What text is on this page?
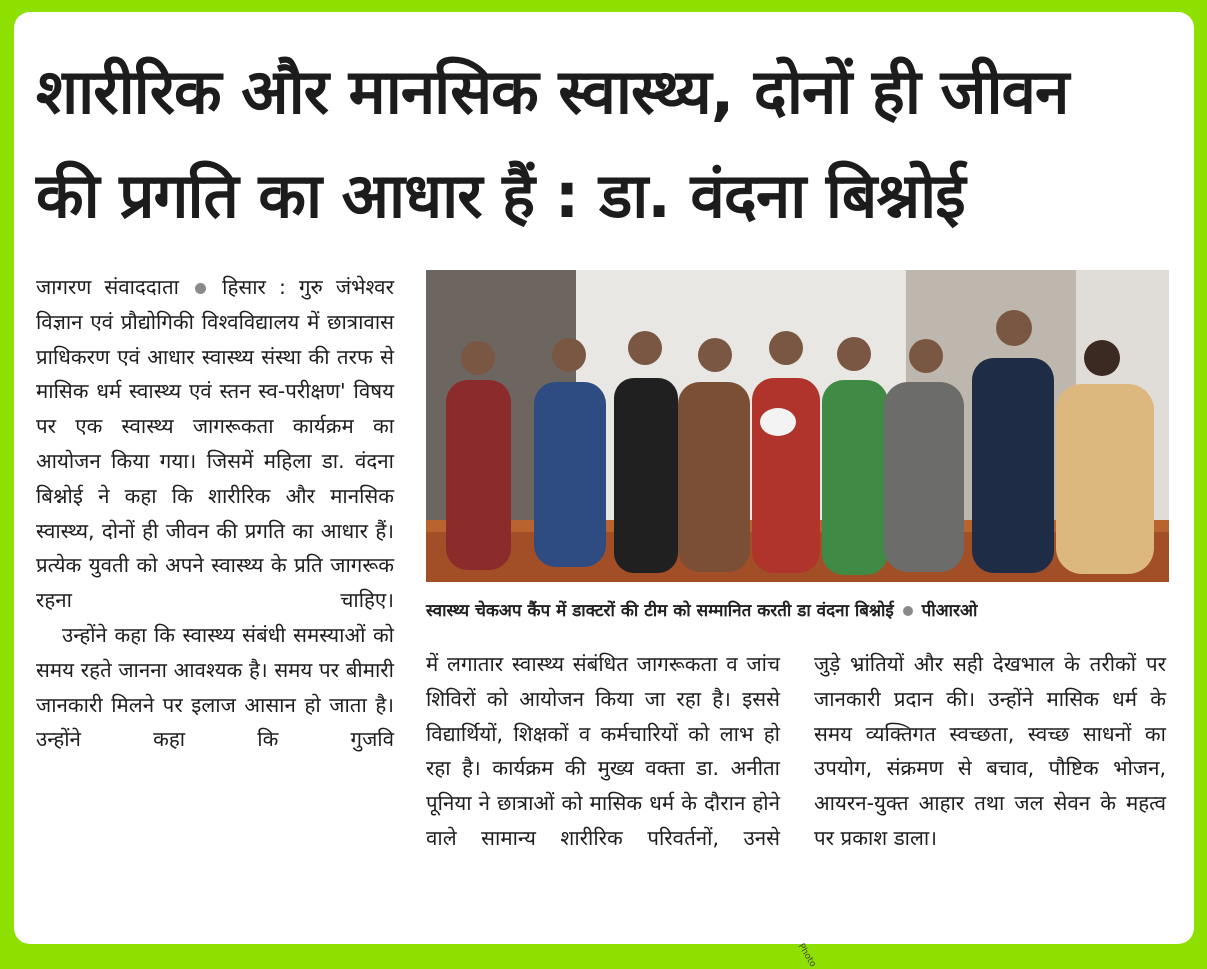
शारीरिक और मानसिक स्वास्थ्य, दोनों ही जीवन
की प्रगति का आधार हैं : डा. वंदना बिश्नोई

जागरण संवाददाता हिसार : गुरु जंभेश्वर विज्ञान एवं प्रौद्योगिकी विश्वविद्यालय में छात्रावास प्राधिकरण एवं आधार स्वास्थ्य संस्था की तरफ से मासिक धर्म स्वास्थ्य एवं स्तन स्व-परीक्षण' विषय पर एक स्वास्थ्य जागरूकता कार्यक्रम का आयोजन किया गया। जिसमें महिला डा. वंदना बिश्नोई ने कहा कि शारीरिक और मानसिक स्वास्थ्य, दोनों ही जीवन की प्रगति का आधार हैं। प्रत्येक युवती को अपने स्वास्थ्य के प्रति जागरूक रहना चाहिए।

उन्होंने कहा कि स्वास्थ्य संबंधी समस्याओं को समय रहते जानना आवश्यक है। समय पर बीमारी जानकारी मिलने पर इलाज आसान हो जाता है। उन्होंने कहा कि गुजवि

स्वास्थ्य चेकअप कैंप में डाक्टरों की टीम को सम्मानित करती डा वंदना बिश्नोई पीआरओ

में लगातार स्वास्थ्य संबंधित जागरूकता व जांच शिविरों को आयोजन किया जा रहा है। इससे विद्यार्थियों, शिक्षकों व कर्मचारियों को लाभ हो रहा है। कार्यक्रम की मुख्य वक्ता डा. अनीता पूनिया ने छात्राओं को मासिक धर्म के दौरान होने वाले सामान्य शारीरिक परिवर्तनों, उनसे

जुड़े भ्रांतियों और सही देखभाल के तरीकों पर जानकारी प्रदान की। उन्होंने मासिक धर्म के समय व्यक्तिगत स्वच्छता, स्वच्छ साधनों का उपयोग, संक्रमण से बचाव, पौष्टिक भोजन, आयरन-युक्त आहार तथा जल सेवन के महत्व पर प्रकाश डाला।

Photo
